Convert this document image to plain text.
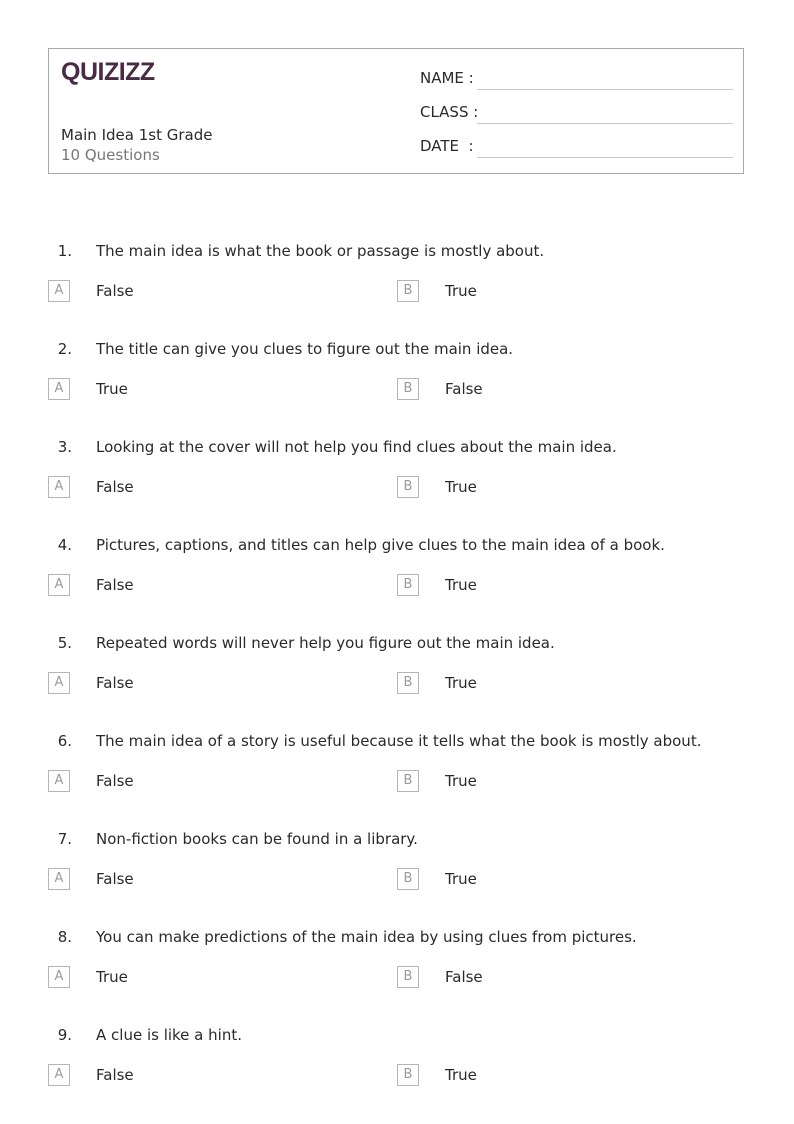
QUIZIZZ
Main Idea 1st Grade
10 Questions
NAME :
CLASS :
DATE  :
1. The main idea is what the book or passage is mostly about.
A	False	B	True
2. The title can give you clues to figure out the main idea.
A	True	B	False
3. Looking at the cover will not help you find clues about the main idea.
A	False	B	True
4. Pictures, captions, and titles can help give clues to the main idea of a book.
A	False	B	True
5. Repeated words will never help you figure out the main idea.
A	False	B	True
6. The main idea of a story is useful because it tells what the book is mostly about.
A	False	B	True
7. Non-fiction books can be found in a library.
A	False	B	True
8. You can make predictions of the main idea by using clues from pictures.
A	True	B	False
9. A clue is like a hint.
A	False	B	True
